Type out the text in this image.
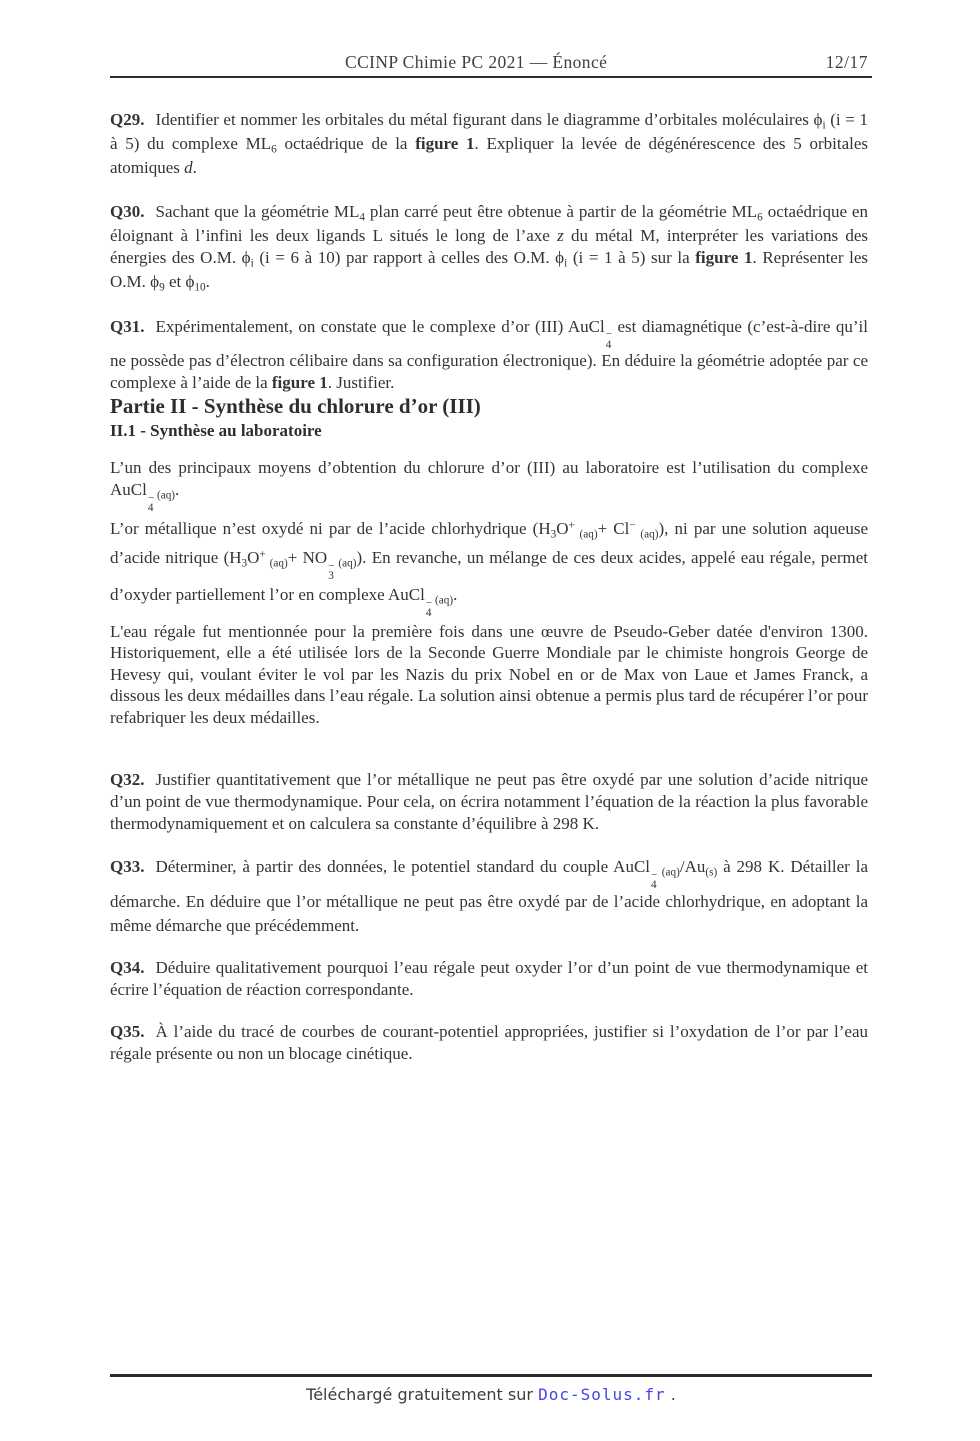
CCINP Chimie PC 2021 — Énoncé	12/17

Q29. Identifier et nommer les orbitales du métal figurant dans le diagramme d’orbitales moléculaires $\phi_i$ (i = 1 à 5) du complexe $ML_6$ octaédrique de la figure 1. Expliquer la levée de dégénérescence des 5 orbitales atomiques d.

Q30. Sachant que la géométrie $ML_4$ plan carré peut être obtenue à partir de la géométrie $ML_6$ octaédrique en éloignant à l’infini les deux ligands L situés le long de l’axe z du métal M, interpréter les variations des énergies des O.M. $\phi_i$ (i = 6 à 10) par rapport à celles des O.M. $\phi_i$ (i = 1 à 5) sur la figure 1. Représenter les O.M. $\phi_9$ et $\phi_{10}$.

Q31. Expérimentalement, on constate que le complexe d’or (III) AuCl −
4
est diamagnétique (c’est-à-dire qu’il ne possède pas d’électron célibaire dans sa configuration électronique). En déduire la géométrie adoptée par ce complexe à l’aide de la figure 1. Justifier.

Partie II - Synthèse du chlorure d’or (III)
II.1 - Synthèse au laboratoire

L’un des principaux moyens d’obtention du chlorure d’or (III) au laboratoire est l’utilisation du complexe AuCl −
4
$_{(aq)}$.

L’or métallique n’est oxydé ni par de l’acide chlorhydrique ($H_3O^+$ $_{(aq)}$+ Cl− $_{(aq)}$), ni par une solution aqueuse d’acide nitrique ($H_3O^+$ $_{(aq)}$+ NO −
3
$_{(aq)}$). En revanche, un mélange de ces deux acides, appelé eau régale, permet d’oxyder partiellement l’or en complexe AuCl −
4
$_{(aq)}$.

L'eau régale fut mentionnée pour la première fois dans une œuvre de Pseudo-Geber datée d'environ 1300. Historiquement, elle a été utilisée lors de la Seconde Guerre Mondiale par le chimiste hongrois George de Hevesy qui, voulant éviter le vol par les Nazis du prix Nobel en or de Max von Laue et James Franck, a dissous les deux médailles dans l’eau régale. La solution ainsi obtenue a permis plus tard de récupérer l’or pour refabriquer les deux médailles.

Q32. Justifier quantitativement que l’or métallique ne peut pas être oxydé par une solution d’acide nitrique d’un point de vue thermodynamique. Pour cela, on écrira notamment l’équation de la réaction la plus favorable thermodynamiquement et on calculera sa constante d’équilibre à 298 K.

Q33. Déterminer, à partir des données, le potentiel standard du couple AuCl −
4
$_{(aq)}/Au_{(s)}$ à 298 K. Détailler la démarche. En déduire que l’or métallique ne peut pas être oxydé par de l’acide chlorhydrique, en adoptant la même démarche que précédemment.

Q34. Déduire qualitativement pourquoi l’eau régale peut oxyder l’or d’un point de vue thermodynamique et écrire l’équation de réaction correspondante.

Q35. À l’aide du tracé de courbes de courant-potentiel appropriées, justifier si l’oxydation de l’or par l’eau régale présente ou non un blocage cinétique.

Téléchargé gratuitement sur Doc-Solus.fr .
